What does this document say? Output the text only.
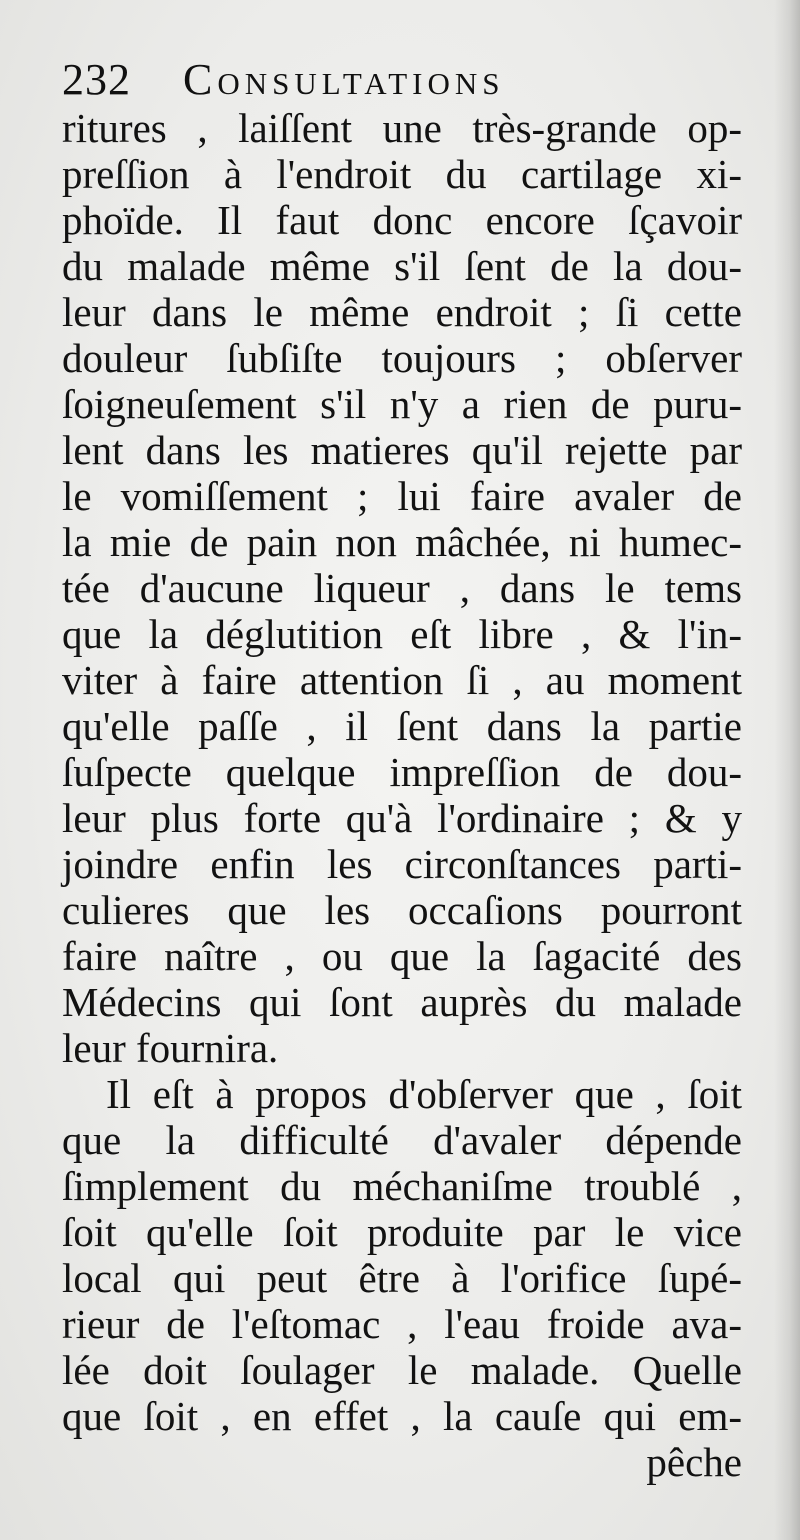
232 Consultations
ritures , laiſſent une très-grande op-
preſſion à l'endroit du cartilage xi-
phoïde. Il faut donc encore ſçavoir
du malade même s'il ſent de la dou-
leur dans le même endroit ; ſi cette
douleur ſubſiſte toujours ; obſerver
ſoigneuſement s'il n'y a rien de puru-
lent dans les matieres qu'il rejette par
le vomiſſement ; lui faire avaler de
la mie de pain non mâchée, ni humec-
tée d'aucune liqueur , dans le tems
que la déglutition eſt libre , & l'in-
viter à faire attention ſi , au moment
qu'elle paſſe , il ſent dans la partie
ſuſpecte quelque impreſſion de dou-
leur plus forte qu'à l'ordinaire ; & y
joindre enfin les circonſtances parti-
culieres que les occaſions pourront
faire naître , ou que la ſagacité des
Médecins qui ſont auprès du malade
leur fournira.
Il eſt à propos d'obſerver que , ſoit
que la difficulté d'avaler dépende
ſimplement du méchaniſme troublé ,
ſoit qu'elle ſoit produite par le vice
local qui peut être à l'orifice ſupé-
rieur de l'eſtomac , l'eau froide ava-
lée doit ſoulager le malade. Quelle
que ſoit , en effet , la cauſe qui em-
pêche
